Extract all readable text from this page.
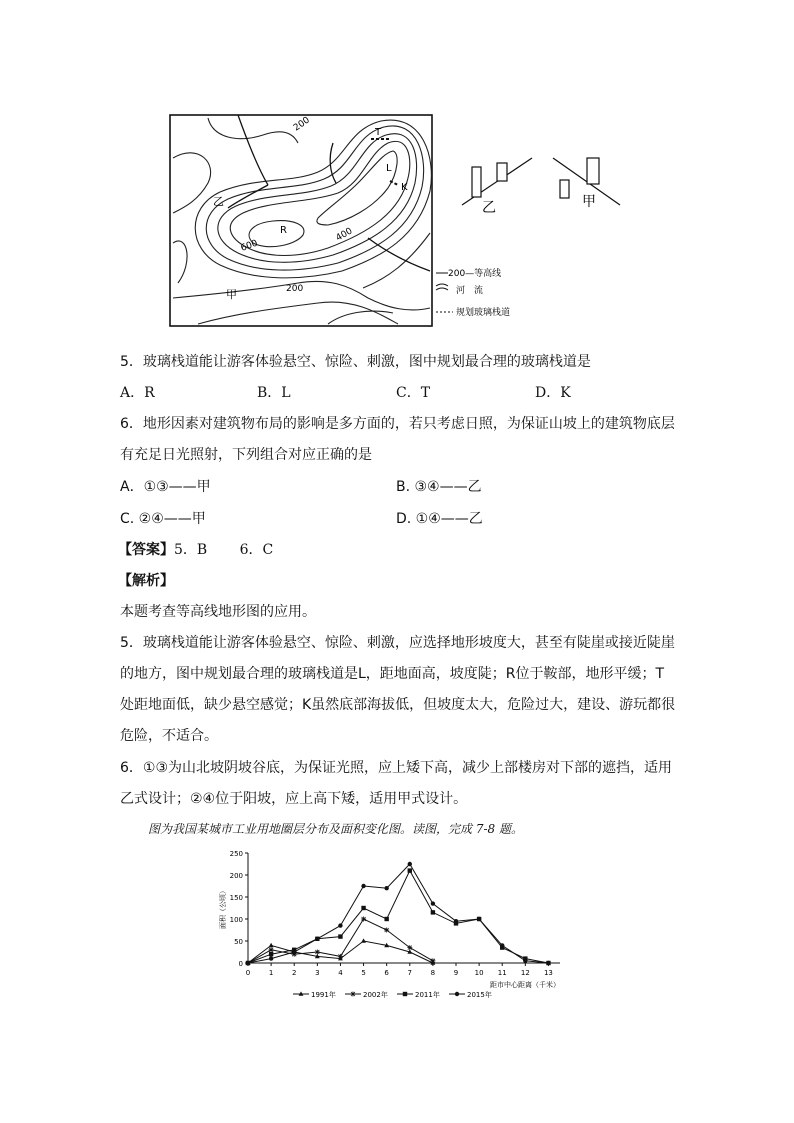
200
400
600
200
T
K
R
L
乙
甲
200—等高线
河　流
规划玻璃栈道
乙	甲
5．玻璃栈道能让游客体验悬空、惊险、刺激，图中规划最合理的玻璃栈道是
A．R	B．L	C．T	D．K
6．地形因素对建筑物布局的影响是多方面的，若只考虑日照，为保证山坡上的建筑物底层
有充足日光照射，下列组合对应正确的是
A．①③——甲	B. ③④——乙
C. ②④——甲	D. ①④——乙
【答案】5．B　　 6．C
【解析】
本题考查等高线地形图的应用。
5．玻璃栈道能让游客体验悬空、惊险、刺激，应选择地形坡度大，甚至有陡崖或接近陡崖
的地方，图中规划最合理的玻璃栈道是L，距地面高，坡度陡；R位于鞍部，地形平缓；T
处距地面低，缺少悬空感觉；K虽然底部海拔低，但坡度太大，危险过大，建设、游玩都很
危险，不适合。
6．①③为山北坡阴坡谷底，为保证光照，应上矮下高，减少上部楼房对下部的遮挡，适用
乙式设计；②④位于阳坡，应上高下矮，适用甲式设计。
图为我国某城市工业用地圈层分布及面积变化图。读图，完成 7-8 题。
0
50
100
150
200
250
0	1	2	3	4	5	6	7	8	9 10 11 12 13
面积（公顷）
距市中心距离（千米）
1991年	2002年	2011年	2015年
